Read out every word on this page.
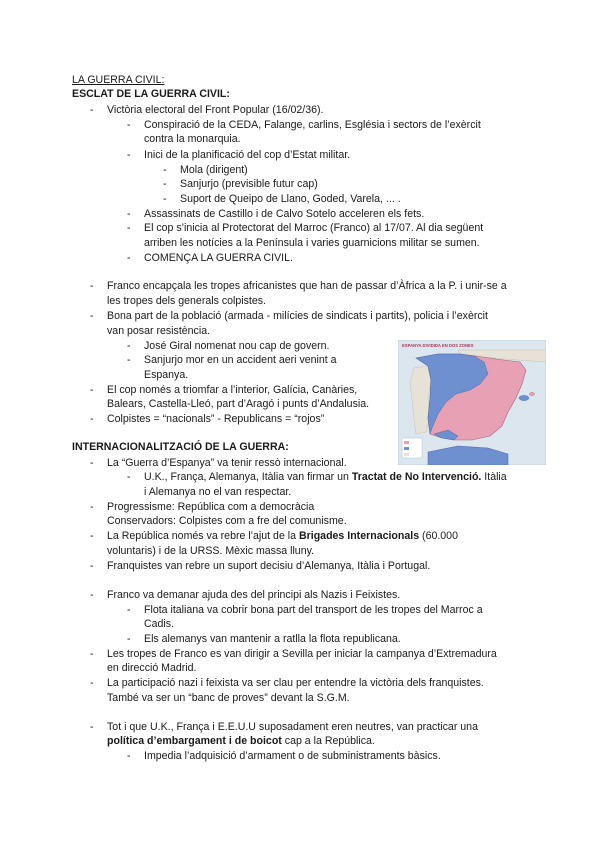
LA GUERRA CIVIL:
ESCLAT DE LA GUERRA CIVIL:
- Victòria electoral del Front Popular (16/02/36).
- Conspiració de la CEDA, Falange, carlins, Església i sectors de l’exèrcit
contra la monarquia.
- Inici de la planificació del cop d’Estat militar.
- Mola (dirigent)
- Sanjurjo (previsible futur cap)
- Suport de Queipo de Llano, Goded, Varela, ... .
- Assassinats de Castillo i de Calvo Sotelo acceleren els fets.
- El cop s’inicia al Protectorat del Marroc (Franco) al 17/07. Al dia següent
arriben les notícies a la Península i varies guarnicions militar se sumen.
- COMENÇA LA GUERRA CIVIL.
- Franco encapçala les tropes africanistes que han de passar d’Àfrica a la P. i unir-se a
les tropes dels generals colpistes.
- Bona part de la població (armada - milícies de sindicats i partits), policia i l’exèrcit
van posar resistència.
- José Giral nomenat nou cap de govern.
- Sanjurjo mor en un accident aeri venint a
Espanya.
- El cop només a triomfar a l’interior, Galícia, Canàries,
Balears, Castella-Lleó, part d’Aragó i punts d’Andalusia.
- Colpistes = “nacionals” - Republicans = “rojos”
ESPANYA DIVIDIDA EN DOS ZONES
INTERNACIONALITZACIÓ DE LA GUERRA:
- La “Guerra d’Espanya” va tenir ressò internacional.
- U.K., França, Alemanya, Itàlia van firmar un Tractat de No Intervenció. Itàlia
i Alemanya no el van respectar.
- Progressisme: República com a democràcia
Conservadors: Colpistes com a fre del comunisme.
- La República només va rebre l’ajut de la Brigades Internacionals (60.000
voluntaris) i de la URSS. Mèxic massa lluny.
- Franquistes van rebre un suport decisiu d’Alemanya, Itàlia i Portugal.
- Franco va demanar ajuda des del principi als Nazis i Feixistes.
- Flota italiana va cobrir bona part del transport de les tropes del Marroc a
Cadis.
- Els alemanys van mantenir a ratlla la flota republicana.
- Les tropes de Franco es van dirigir a Sevilla per iniciar la campanya d’Extremadura
en direcció Madrid.
- La participació nazi i feixista va ser clau per entendre la victòria dels franquistes.
També va ser un “banc de proves” devant la S.G.M.
- Tot i que U.K., França i E.E.U.U suposadament eren neutres, van practicar una
política d’embargament i de boicot cap a la República.
- Impedia l’adquisició d’armament o de subministraments bàsics.
